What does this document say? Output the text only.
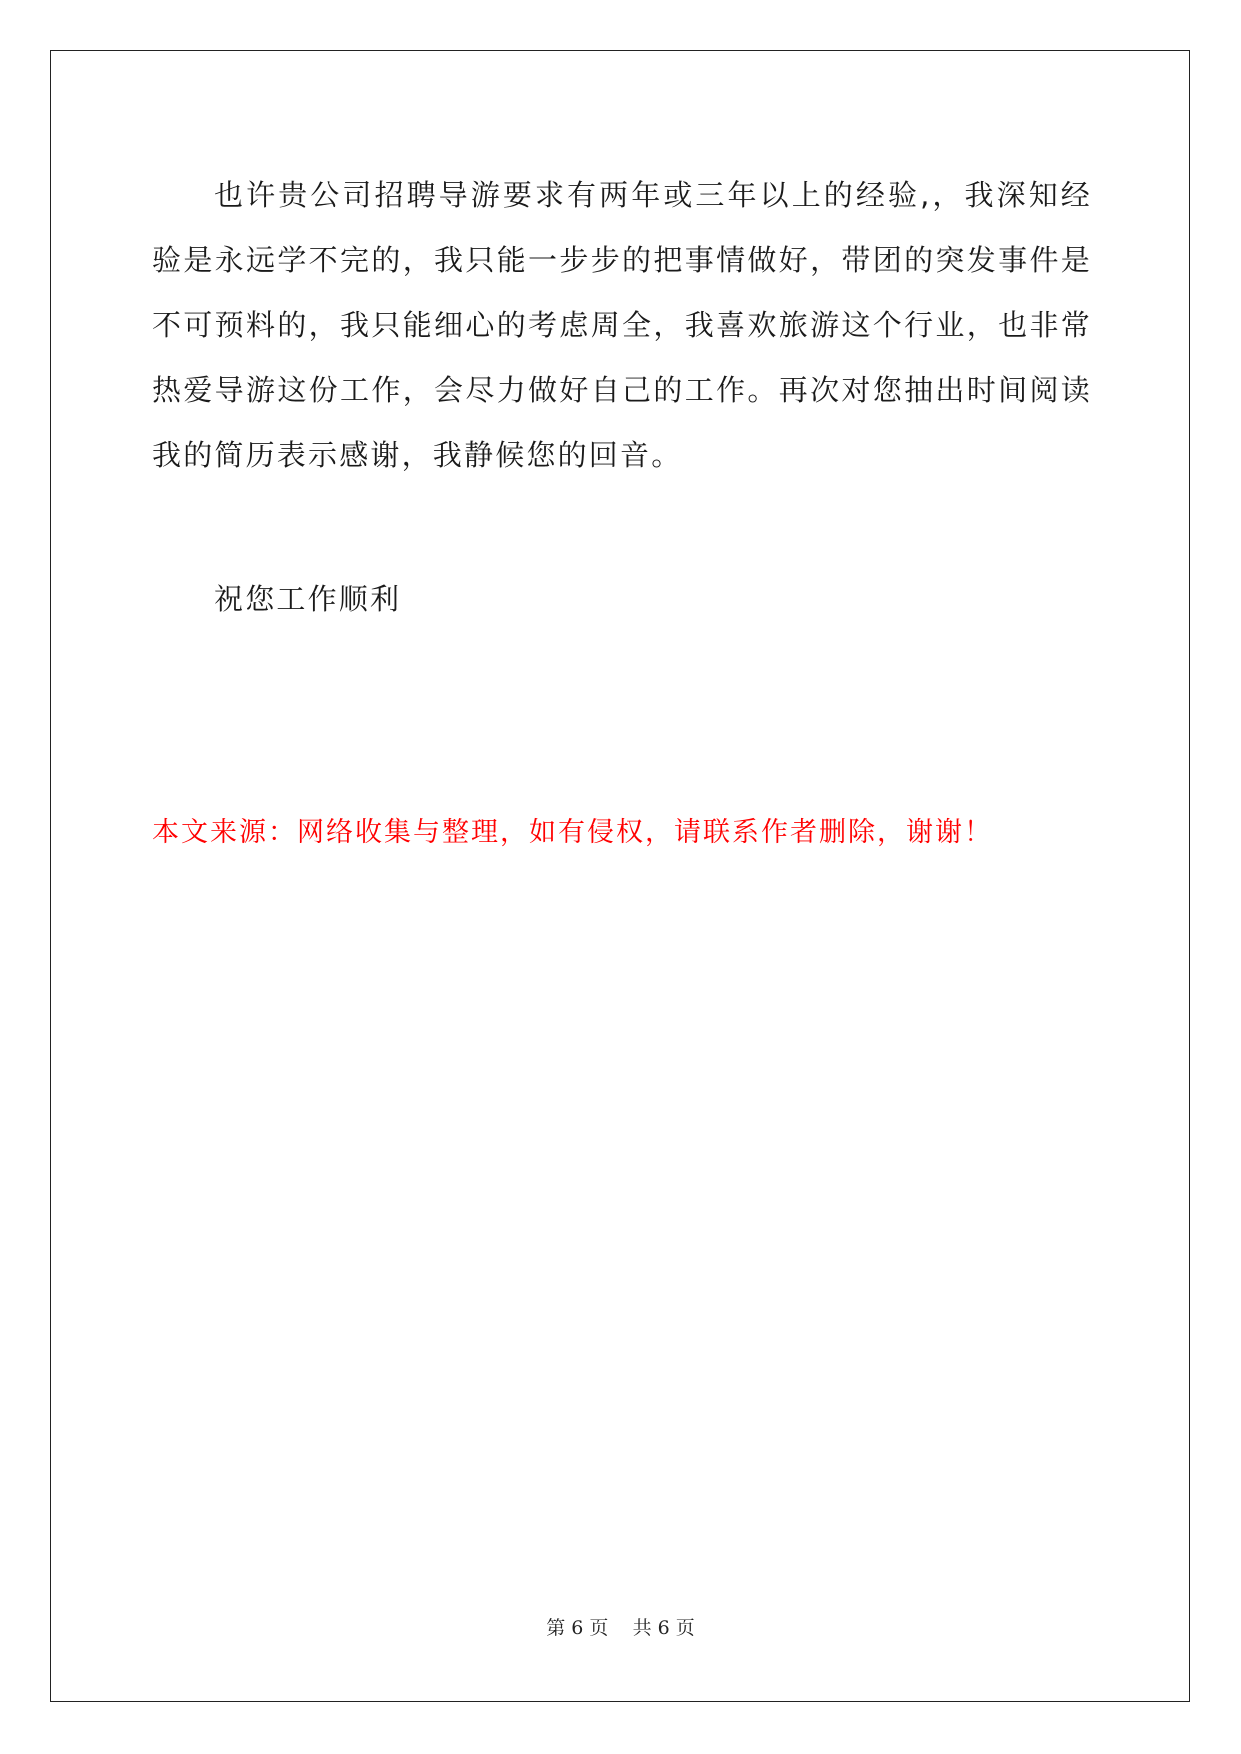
也许贵公司招聘导游要求有两年或三年以上的经验,，我深知经验是永远学不完的，我只能一步步的把事情做好，带团的突发事件是不可预料的，我只能细心的考虑周全，我喜欢旅游这个行业，也非常热爱导游这份工作，会尽力做好自己的工作。再次对您抽出时间阅读我的简历表示感谢，我静候您的回音。

祝您工作顺利

本文来源：网络收集与整理，如有侵权，请联系作者删除，谢谢！

第 6 页    共 6 页
